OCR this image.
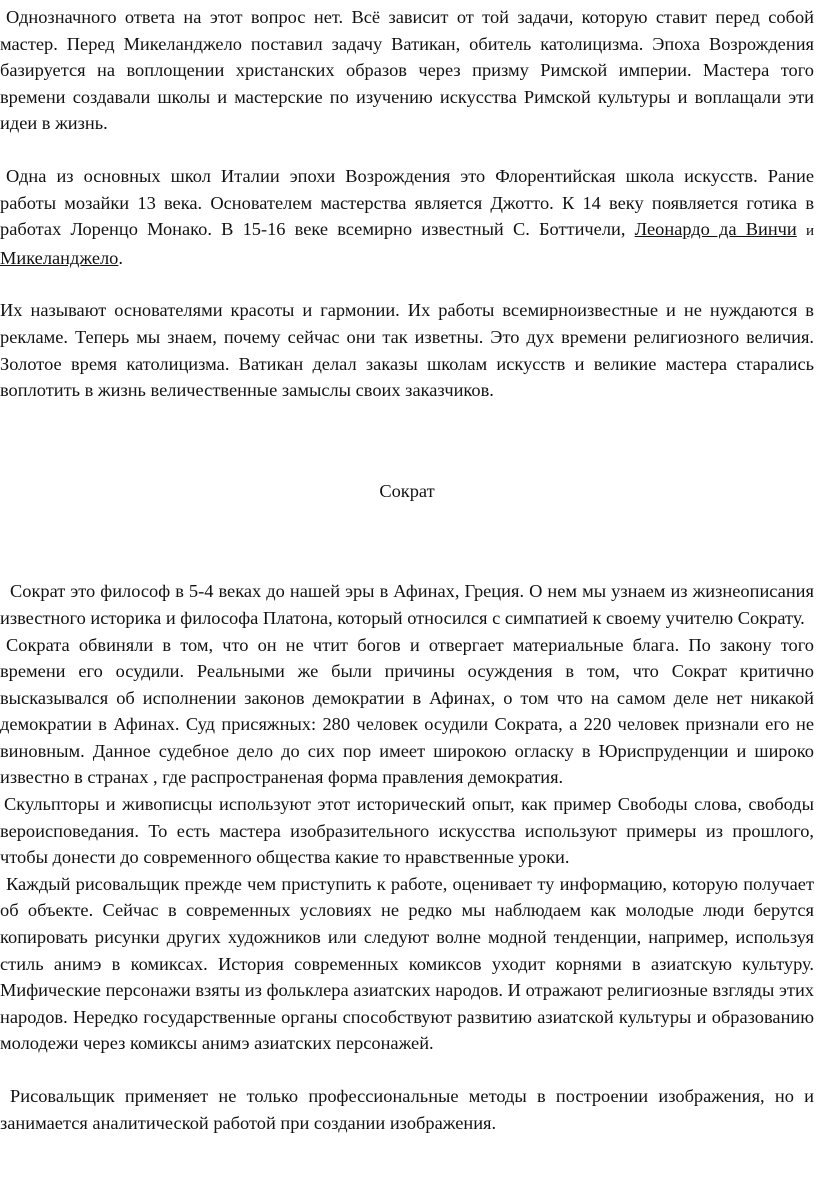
Однозначного ответа на этот вопрос нет. Всё зависит от той задачи, которую ставит перед собой мастер. Перед Микеланджело поставил задачу Ватикан, обитель католицизма. Эпоха Возрождения базируется на воплощении христанских образов через призму Римской империи. Мастера того времени создавали школы и мастерские по изучению искусства Римской культуры и воплащали эти идеи в жизнь.

Одна из основных школ Италии эпохи Возрождения это Флорентийская школа искусств. Рание работы мозайки 13 века. Основателем мастерства является Джотто. К 14 веку появляется готика в работах Лоренцо Монако. В 15-16 веке всемирно известный С. Боттичели, Леонардо да Винчи и Микеланджело.

Их называют основателями красоты и гармонии. Их работы всемирноизвестные и не нуждаются в рекламе. Теперь мы знаем, почему сейчас они так изветны. Это дух времени религиозного величия. Золотое время католицизма. Ватикан делал заказы школам искусств и великие мастера старались воплотить в жизнь величественные замыслы своих заказчиков.

Сократ

Сократ это философ в 5-4 веках до нашей эры в Афинах, Греция. О нем мы узнаем из жизнеописания известного историка и философа Платона, который относился с симпатией к своему учителю Сократу.

Сократа обвиняли в том, что он не чтит богов и отвергает материальные блага. По закону того времени его осудили. Реальными же были причины осуждения в том, что Сократ критично высказывался об исполнении законов демократии в Афинах, о том что на самом деле нет никакой демократии в Афинах. Суд присяжных: 280 человек осудили Сократа, а 220 человек признали его не виновным. Данное судебное дело до сих пор имеет широкою огласку в Юриспруденции и широко известно в странах , где распространеная форма правления демократия.

Скульпторы и живописцы используют этот исторический опыт, как пример Свободы слова, свободы вероисповедания. То есть мастера изобразительного искусства используют примеры из прошлого, чтобы донести до современного общества какие то нравственные уроки.

Каждый рисовальщик прежде чем приступить к работе, оценивает ту информацию, которую получает об объекте. Сейчас в современных условиях не редко мы наблюдаем как молодые люди берутся копировать рисунки других художников или следуют волне модной тенденции, например, используя стиль анимэ в комиксах. История современных комиксов уходит корнями в азиатскую культуру. Мифические персонажи взяты из фольклера азиатских народов. И отражают религиозные взгляды этих народов. Нередко государственные органы способствуют развитию азиатской культуры и образованию молодежи через комиксы анимэ азиатских персонажей.

Рисовальщик применяет не только профессиональные методы в построении изображения, но и занимается аналитической работой при создании изображения.
